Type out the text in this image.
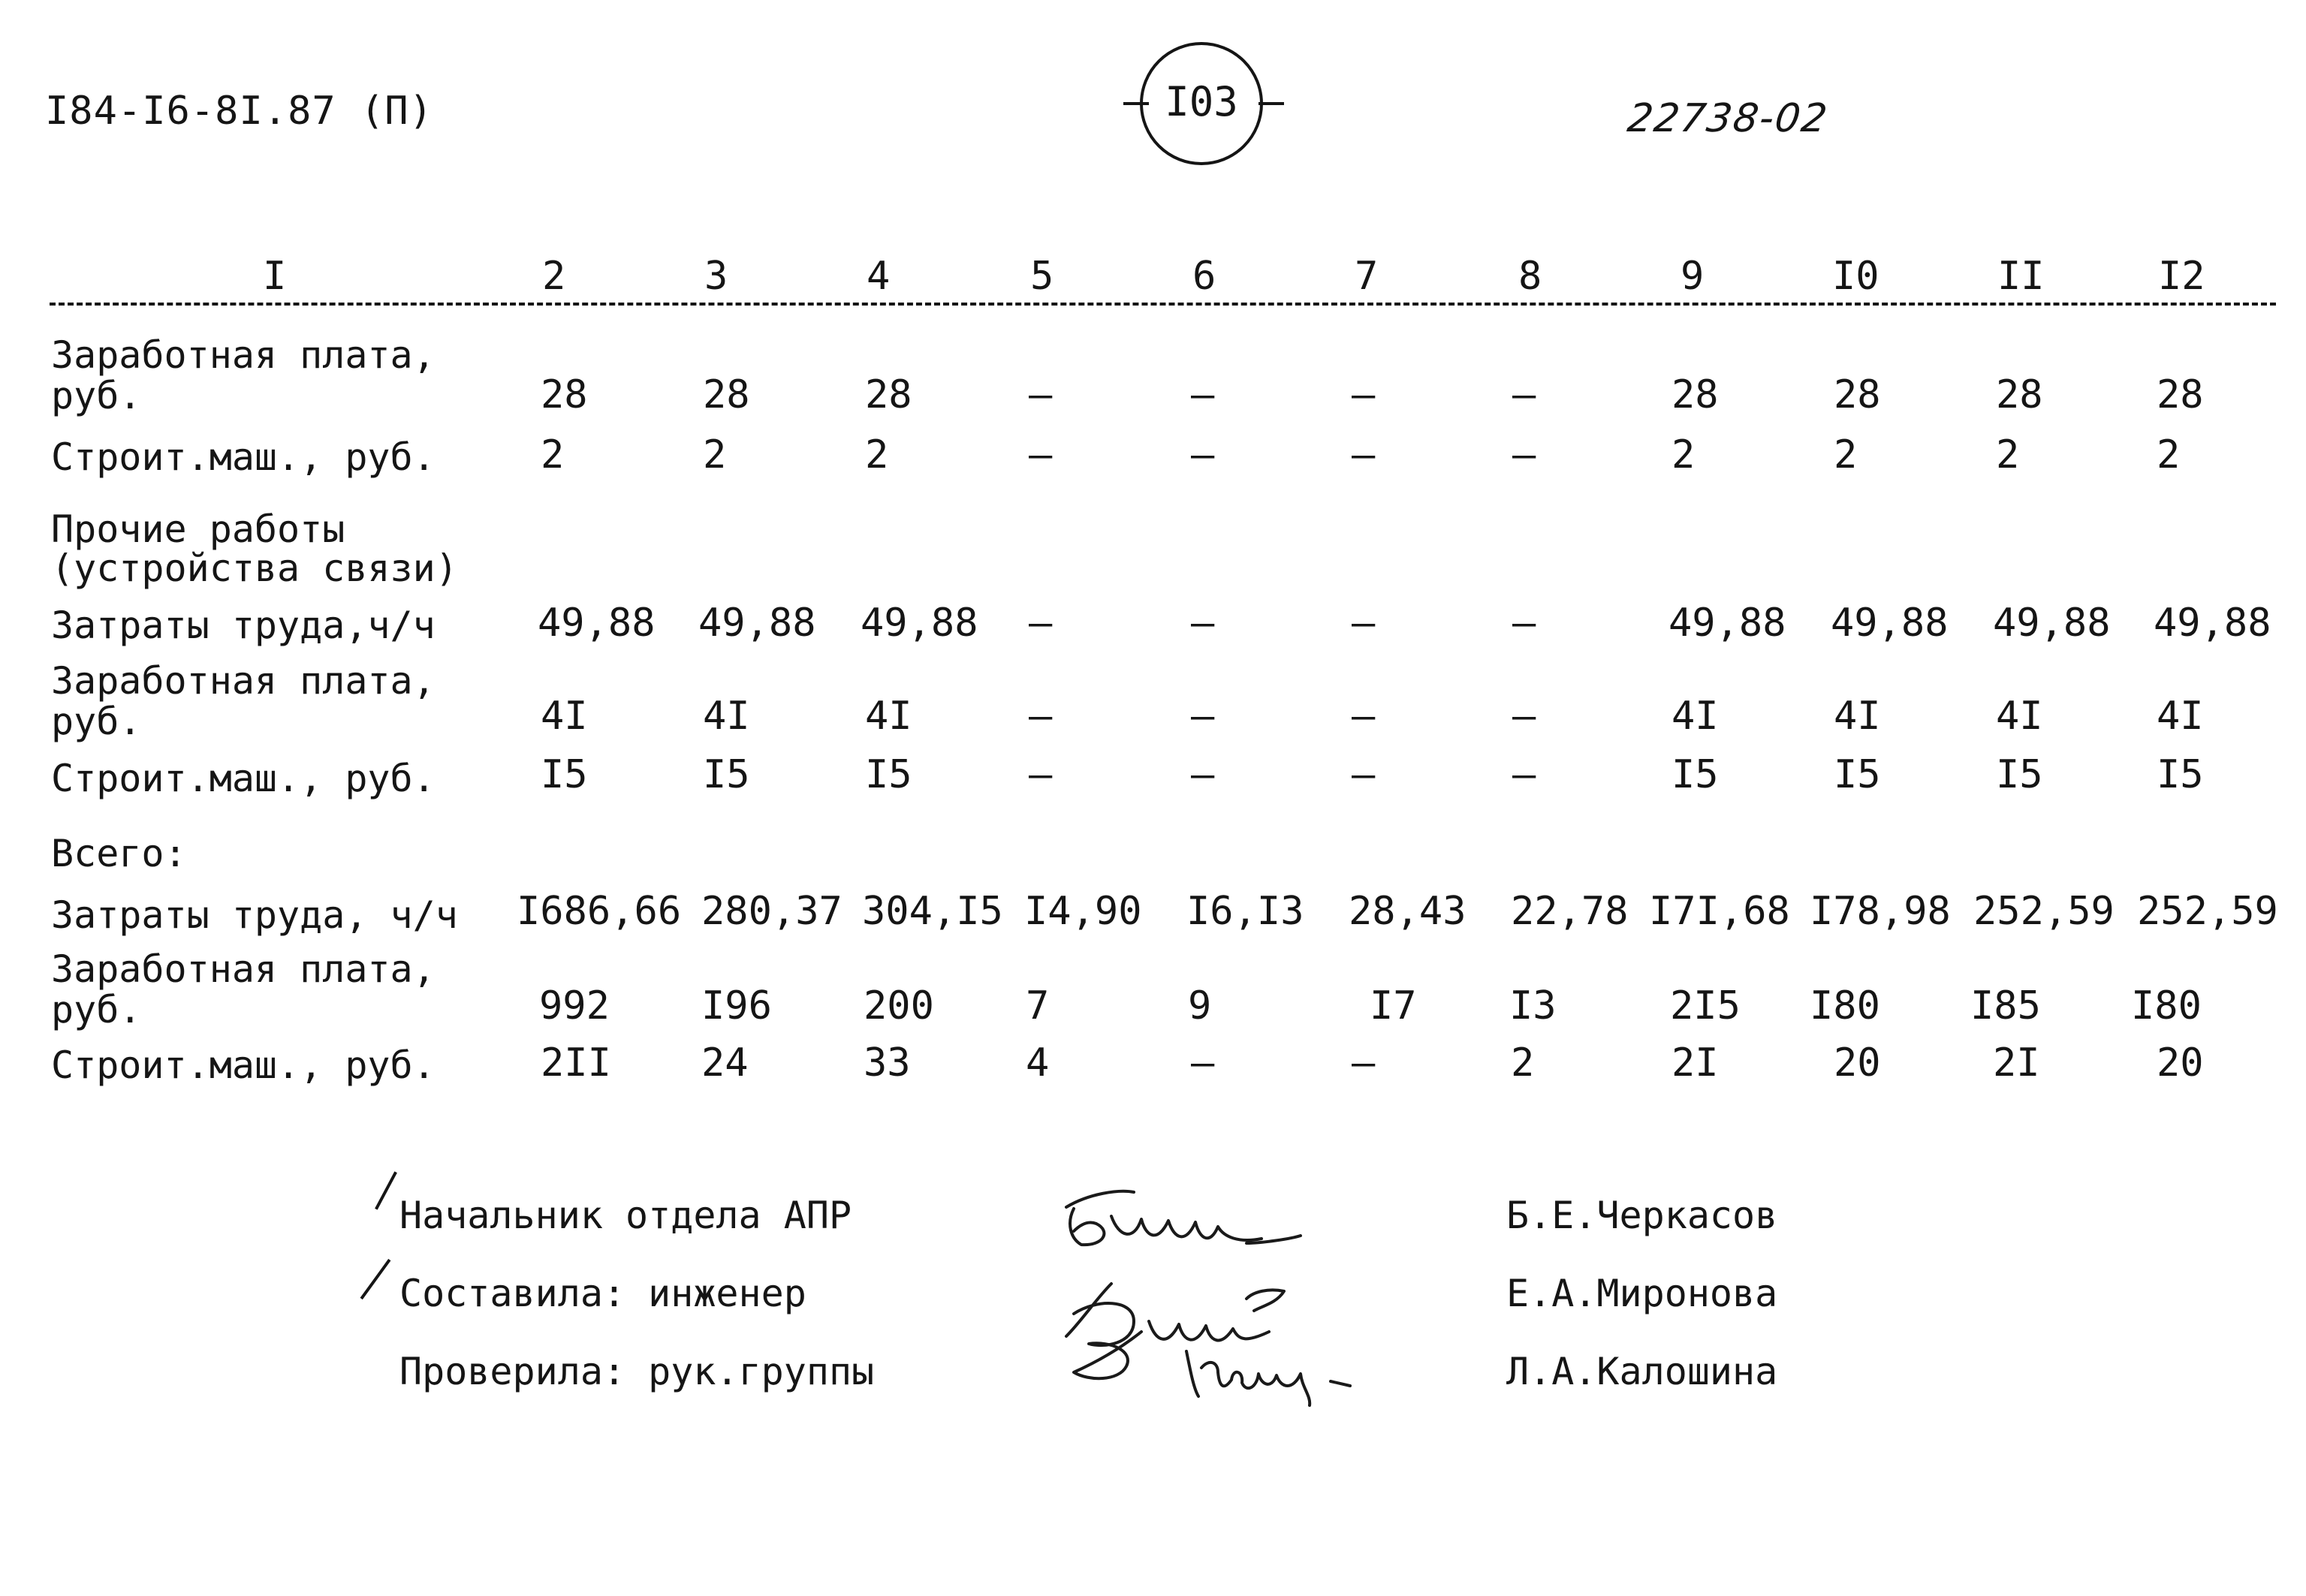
I84-I6-8I.87 (П)	I03	22738-02
I	2	3	4	5	6	7	8	9	I0	II	I2
Заработная плата,
руб.	28	28	28	–	–	–	–	28	28	28	28
Строит.маш., руб.	2	2	2	–	–	–	–	2	2	2	2
Прочие работы
(устройства связи)
Затраты труда,ч/ч	49,88 49,88 49,88 –	–	–	–	49,88 49,88 49,88 49,88
Заработная плата,
руб.	4I	4I	4I	–	–	–	–	4I	4I	4I	4I
Строит.маш., руб.	I5	I5	I5	–	–	–	–	I5	I5	I5	I5
Всего:
Затраты труда, ч/ч I686,66 280,37 304,I5 I4,90 I6,I3 28,43 22,78 I7I,68 I78,98 252,59 252,59
Заработная плата,
руб.	992 I96 200 7	9	I7 I3	2I5 I80 I85 I80
Строит.маш., руб.	2II 24	33	4	–	–	2	2I	20	2I	20
Начальник отдела АПР
Составила: инженер
Проверила: рук.группы
Б.Е.Черкасов
Е.А.Миронова
Л.А.Калошина
